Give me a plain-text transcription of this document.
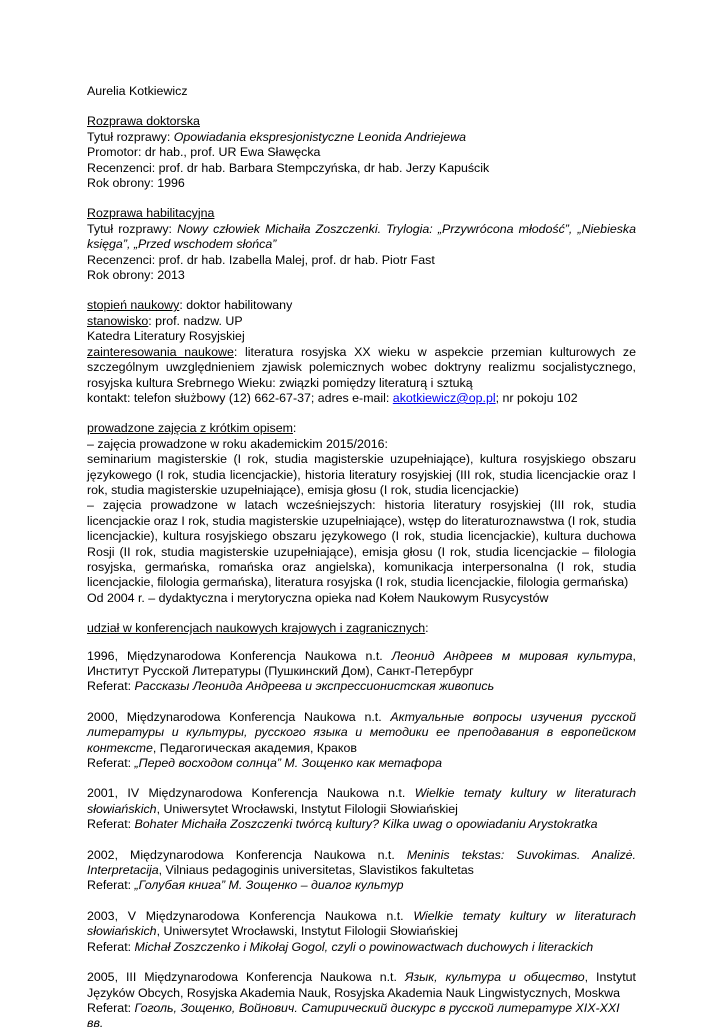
Aurelia Kotkiewicz

Rozprawa doktorska

Tytuł rozprawy: Opowiadania ekspresjonistyczne Leonida Andriejewa

Promotor: dr hab., prof. UR Ewa Sławęcka

Recenzenci: prof. dr hab. Barbara Stempczyńska, dr hab. Jerzy Kapuścik

Rok obrony: 1996

Rozprawa habilitacyjna

Tytuł rozprawy: Nowy człowiek Michaiła Zoszczenki. Trylogia: „Przywrócona młodość”, „Niebieska księga”, „Przed wschodem słońca”

Recenzenci: prof. dr hab. Izabella Malej, prof. dr hab. Piotr Fast

Rok obrony: 2013

stopień naukowy: doktor habilitowany

stanowisko: prof. nadzw. UP

Katedra Literatury Rosyjskiej

zainteresowania naukowe: literatura rosyjska XX wieku w aspekcie przemian kulturowych ze szczególnym uwzględnieniem zjawisk polemicznych wobec doktryny realizmu socjalistycznego, rosyjska kultura Srebrnego Wieku: związki pomiędzy literaturą i sztuką

kontakt: telefon służbowy (12) 662-67-37; adres e-mail: akotkiewicz@op.pl; nr pokoju 102

prowadzone zajęcia z krótkim opisem:

– zajęcia prowadzone w roku akademickim 2015/2016:

seminarium magisterskie (I rok, studia magisterskie uzupełniające), kultura rosyjskiego obszaru językowego (I rok, studia licencjackie), historia literatury rosyjskiej (III rok, studia licencjackie oraz I rok, studia magisterskie uzupełniające), emisja głosu (I rok, studia licencjackie)

– zajęcia prowadzone w latach wcześniejszych: historia literatury rosyjskiej (III rok, studia licencjackie oraz I rok, studia magisterskie uzupełniające), wstęp do literaturoznawstwa (I rok, studia licencjackie), kultura rosyjskiego obszaru językowego (I rok, studia licencjackie), kultura duchowa Rosji (II rok, studia magisterskie uzupełniające), emisja głosu (I rok, studia licencjackie – filologia rosyjska, germańska, romańska oraz angielska), komunikacja interpersonalna (I rok, studia licencjackie, filologia germańska), literatura rosyjska (I rok, studia licencjackie, filologia germańska)

Od 2004 r. – dydaktyczna i merytoryczna opieka nad Kołem Naukowym Rusycystów

udział w konferencjach naukowych krajowych i zagranicznych:

1996, Międzynarodowa Konferencja Naukowa n.t. Леонид Андреев м мировая культура, Институт Русской Литературы (Пушкинский Дом), Санкт-Петербург

Referat: Рассказы Леонида Андреева и экспрессионистская живопись

2000, Międzynarodowa Konferencja Naukowa n.t. Актуальные вопросы изучения русской литературы и культуры, русского языка и методики ее преподавания в европейском контексте, Педагогическая академия, Краков

Referat: „Перед восходом солнца” М. Зощенко как метафора

2001, IV Międzynarodowa Konferencja Naukowa n.t. Wielkie tematy kultury w literaturach słowiańskich, Uniwersytet Wrocławski, Instytut Filologii Słowiańskiej

Referat: Bohater Michaiła Zoszczenki twórcą kultury? Kilka uwag o opowiadaniu Arystokratka

2002, Międzynarodowa Konferencja Naukowa n.t. Meninis tekstas: Suvokimas. Analizė. Interpretacija, Vilniaus pedagoginis universitetas, Slavistikos fakultetas

Referat: „Голубая книга” М. Зощенко – диалог культур

2003, V Międzynarodowa Konferencja Naukowa n.t. Wielkie tematy kultury w literaturach słowiańskich, Uniwersytet Wrocławski, Instytut Filologii Słowiańskiej

Referat: Michał Zoszczenko i Mikołaj Gogol, czyli o powinowactwach duchowych i literackich

2005, III Międzynarodowa Konferencja Naukowa n.t. Язык, культура и общество, Instytut Języków Obcych, Rosyjska Akademia Nauk, Rosyjska Akademia Nauk Lingwistycznych, Moskwa

Referat: Гоголь, Зощенко, Войнович. Сатирический дискурс в русской литературе XIX-XXI вв.
